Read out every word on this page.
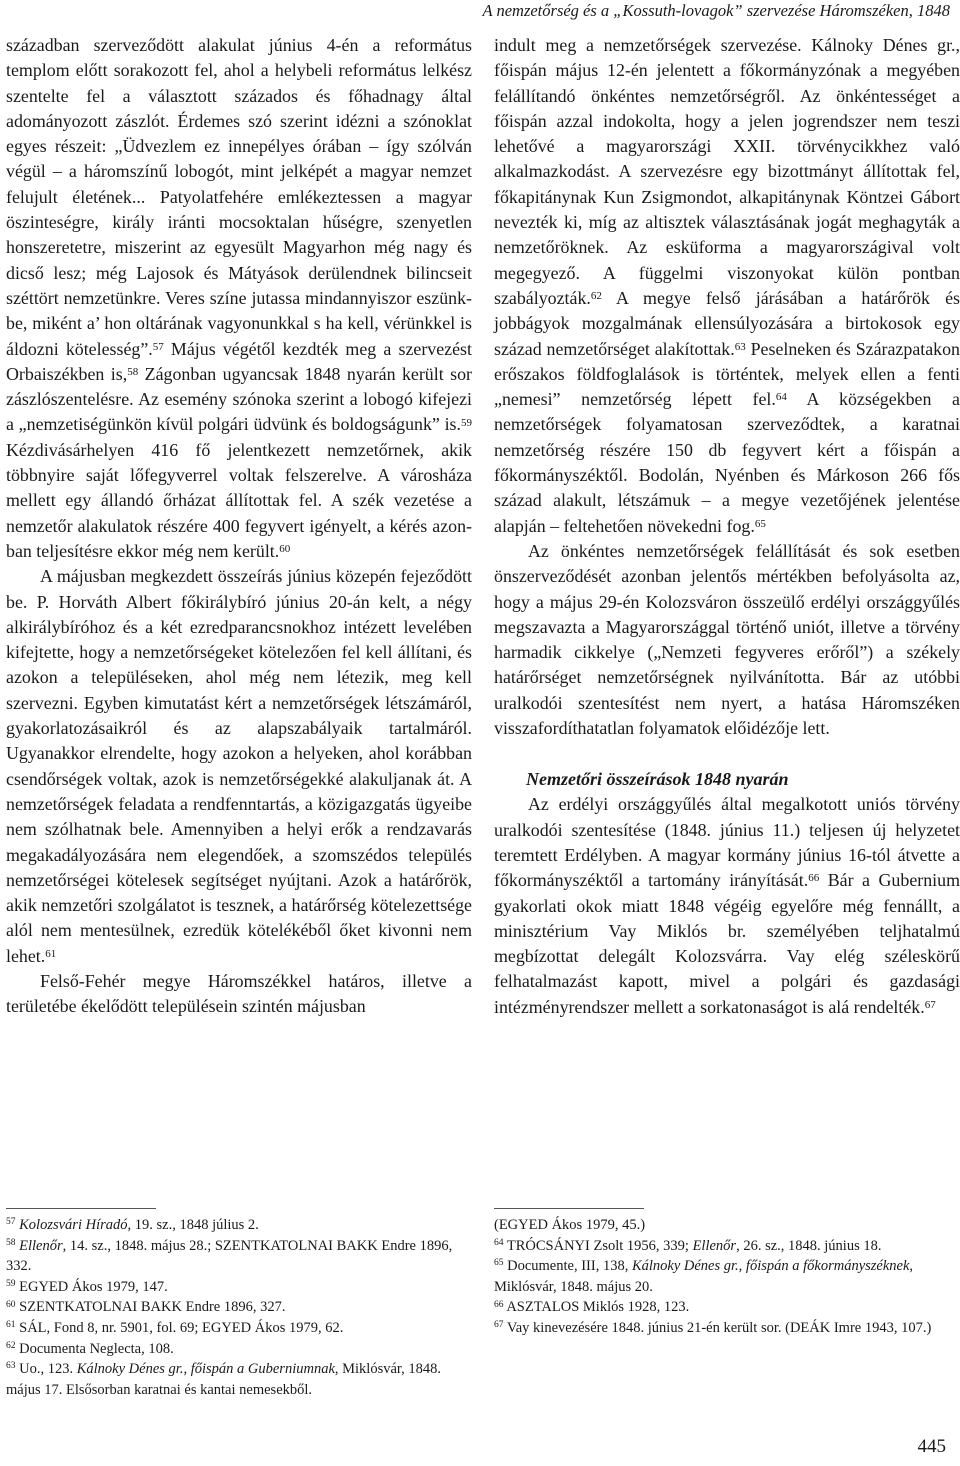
A nemzetőrség és a „Kossuth-lovagok” szervezése Háromszéken, 1848

században szerveződött alakulat június 4-én a református templom előtt sorakozott fel, ahol a helybeli református lelkész szentelte fel a választott százados és főhadnagy által adományozott zászlót. Érdemes szó szerint idézni a szónoklat egyes részeit: „Üdvezlem ez innepélyes órában – így szólván végül – a háromszínű lobogót, mint jelképét a magyar nemzet felujult életének... Patyolatfehére emlékeztessen a magyar öszinteségre, király iránti mocsoktalan hűségre, szenyetlen honszeretetre, miszerint az egyesült Magyarhon még nagy és dicső lesz; még Lajosok és Mátyások derülendnek bilincseit széttört nemzetünkre. Veres színe jutassa mindannyiszor eszünkbe, miként a’ hon oltárának vagyonunkkal s ha kell, vérünkkel is áldozni kötelesség”.$^{57}$ Május végétől kezdték meg a szervezést Orbaiszékben is,$^{58}$ Zágonban ugyancsak 1848 nyarán került sor zászlószentelésre. Az esemény szónoka szerint a lobogó kifejezi a „nemzetiségünkön kívül polgári üdvünk és boldogságunk” is.$^{59}$ Kézdivásárhelyen 416 fő jelentkezett nemzetőrnek, akik többnyire saját lőfegyverrel voltak felszerelve. A városháza mellett egy állandó őrházat állítottak fel. A szék vezetése a nemzetőr alakulatok részére 400 fegyvert igényelt, a kérés azonban teljesítésre ekkor még nem került.$^{60}$

A májusban megkezdett összeírás június közepén fejeződött be. P. Horváth Albert főkirálybíró június 20-án kelt, a négy alkirálybíróhoz és a két ezredparancsnokhoz intézett levelében kifejtette, hogy a nemzetőrségeket kötelezően fel kell állítani, és azokon a településeken, ahol még nem létezik, meg kell szervezni. Egyben kimutatást kért a nemzetőrségek létszámáról, gyakorlatozásaikról és az alapszabályaik tartalmáról. Ugyanakkor elrendelte, hogy azokon a helyeken, ahol korábban csendőrségek voltak, azok is nemzetőrségekké alakuljanak át. A nemzetőrségek feladata a rendfenntartás, a közigazgatás ügyeibe nem szólhatnak bele. Amennyiben a helyi erők a rendzavarás megakadályozására nem elegendőek, a szomszédos település nemzetőrségei kötelesek segítséget nyújtani. Azok a határőrök, akik nemzetőri szolgálatot is tesznek, a határőrség kötelezettsége alól nem mentesülnek, ezredük kötelékéből őket kivonni nem lehet.$^{61}$

Felső-Fehér megye Háromszékkel határos, illetve a területébe ékelődött településein szintén májusban

indult meg a nemzetőrségek szervezése. Kálnoky Dénes gr., főispán május 12-én jelentett a főkormányzónak a megyében felállítandó önkéntes nemzetőrségről. Az önkéntességet a főispán azzal indokolta, hogy a jelen jogrendszer nem teszi lehetővé a magyarországi XXII. törvénycikkhez való alkalmazkodást. A szervezésre egy bizottmányt állítottak fel, főkapitánynak Kun Zsigmondot, alkapitánynak Köntzei Gábort nevezték ki, míg az altisztek választásának jogát meghagyták a nemzetőröknek. Az esküforma a magyarországival volt megegyező. A függelmi viszonyokat külön pontban szabályozták.$^{62}$ A megye felső járásában a határőrök és jobbágyok mozgalmának ellensúlyozására a birtokosok egy század nemzetőrséget alakítottak.$^{63}$ Peselneken és Szárazpatakon erőszakos földfoglalások is történtek, melyek ellen a fenti „nemesi” nemzetőrség lépett fel.$^{64}$ A községekben a nemzetőrségek folyamatosan szerveződtek, a karatnai nemzetőrség részére 150 db fegyvert kért a főispán a főkormányszéktől. Bodolán, Nyénben és Márkoson 266 fős század alakult, létszámuk – a megye vezetőjének jelentése alapján – feltehetően növekedni fog.$^{65}$

Az önkéntes nemzetőrségek felállítását és sok esetben önszerveződését azonban jelentős mértékben befolyásolta az, hogy a május 29-én Kolozsváron összeülő erdélyi országgyűlés megszavazta a Magyarországgal történő uniót, illetve a törvény harmadik cikkelye („Nemzeti fegyveres erőről”) a székely határőrséget nemzetőrségnek nyilvánította. Bár az utóbbi uralkodói szentesítést nem nyert, a hatása Háromszéken visszafordíthatatlan folyamatok előidézője lett.

Nemzetőri összeírások 1848 nyarán

Az erdélyi országgyűlés által megalkotott uniós törvény uralkodói szentesítése (1848. június 11.) teljesen új helyzetet teremtett Erdélyben. A magyar kormány június 16-tól átvette a főkormányszéktől a tartomány irányítását.$^{66}$ Bár a Gubernium gyakorlati okok miatt 1848 végéig egyelőre még fennállt, a minisztérium Vay Miklós br. személyében teljhatalmú megbízottat delegált Kolozsvárra. Vay elég széleskörű felhatalmazást kapott, mivel a polgári és gazdasági intézményrendszer mellett a sorkatonaságot is alá rendelték.$^{67}$

$^{57}$ Kolozsvári Híradó, 19. sz., 1848 július 2.
$^{58}$ Ellenőr, 14. sz., 1848. május 28.; SZENTKATOLNAI BAKK Endre 1896, 332.
$^{59}$ EGYED Ákos 1979, 147.
$^{60}$ SZENTKATOLNAI BAKK Endre 1896, 327.
$^{61}$ SÁL, Fond 8, nr. 5901, fol. 69; EGYED Ákos 1979, 62.
$^{62}$ Documenta Neglecta, 108.
$^{63}$ Uo., 123. Kálnoky Dénes gr., főispán a Guberniumnak, Miklósvár, 1848. május 17. Elsősorban karatnai és kantai nemesekből.
(EGYED Ákos 1979, 45.)
$^{64}$ TRÓCSÁNYI Zsolt 1956, 339; Ellenőr, 26. sz., 1848. június 18.
$^{65}$ Documente, III, 138, Kálnoky Dénes gr., főispán a főkormányszéknek, Miklósvár, 1848. május 20.
$^{66}$ ASZTALOS Miklós 1928, 123.
$^{67}$ Vay kinevezésére 1848. június 21-én került sor. (DEÁK Imre 1943, 107.)
445
